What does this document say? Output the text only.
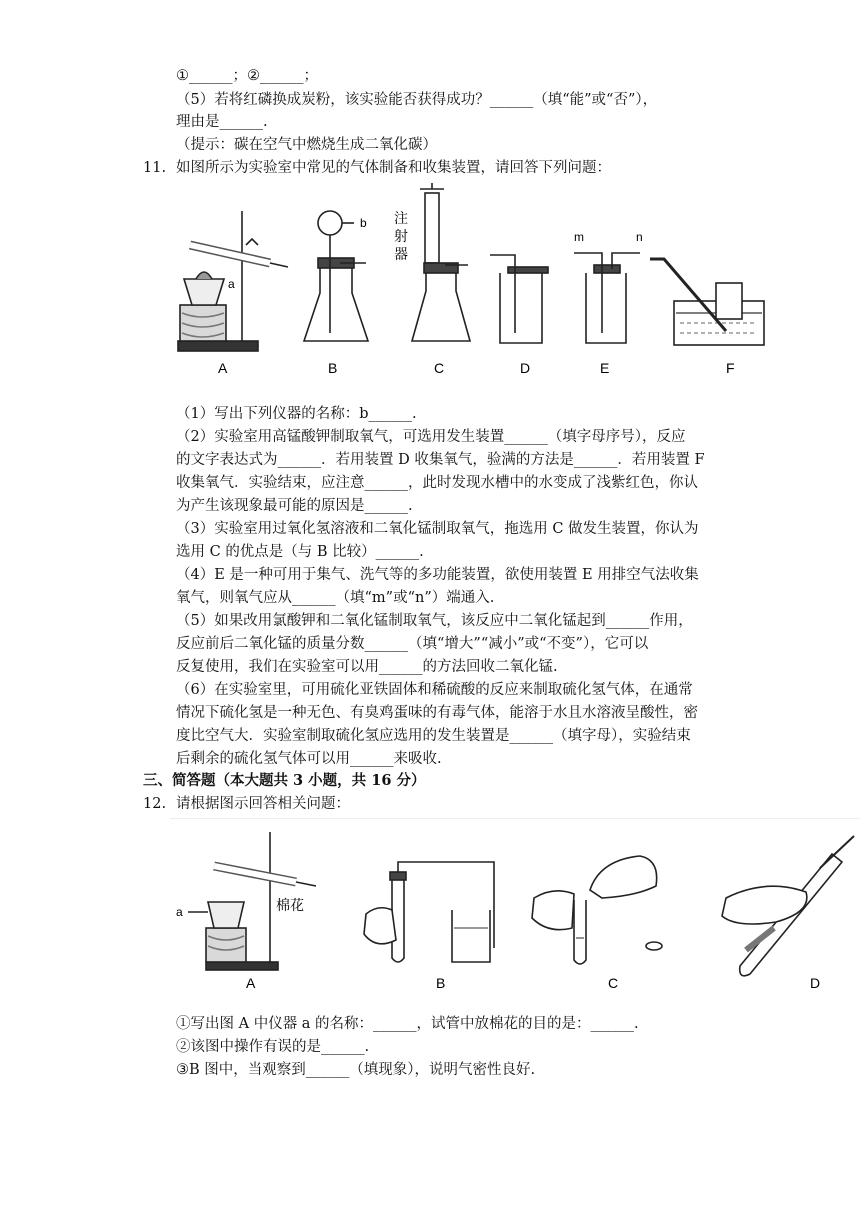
①______；②______；
（5）若将红磷换成炭粉，该实验能否获得成功？______（填“能”或“否”），
理由是______.
（提示：碳在空气中燃烧生成二氧化碳）
11. 如图所示为实验室中常见的气体制备和收集装置，请回答下列问题：
a
b 注
射
器
m	n
A	B	C	D	E	F
（1）写出下列仪器的名称：b______.
（2）实验室用高锰酸钾制取氧气，可选用发生装置______（填字母序号），反应
的文字表达式为______．若用装置 D 收集氧气，验满的方法是______．若用装置 F
收集氧气．实验结束，应注意______，此时发现水槽中的水变成了浅紫红色，你认
为产生该现象最可能的原因是______.
（3）实验室用过氧化氢溶液和二氧化锰制取氧气，拖选用 C 做发生装置，你认为
选用 C 的优点是（与 B 比较）______.
（4）E 是一种可用于集气、洗气等的多功能装置，欲使用装置 E 用排空气法收集
氧气，则氧气应从______（填“m”或“n”）端通入.
（5）如果改用氯酸钾和二氧化锰制取氧气，该反应中二氧化锰起到______作用，
反应前后二氧化锰的质量分数______（填“增大”“减小”或“不变”），它可以
反复使用，我们在实验室可以用______的方法回收二氧化锰.
（6）在实验室里，可用硫化亚铁固体和稀硫酸的反应来制取硫化氢气体，在通常
情况下硫化氢是一种无色、有臭鸡蛋味的有毒气体，能溶于水且水溶液呈酸性，密
度比空气大．实验室制取硫化氢应选用的发生装置是______（填字母），实验结束
后剩余的硫化氢气体可以用______来吸收.
三、简答题（本大题共 3 小题，共 16 分）
12. 请根据图示回答相关问题：
a	棉花
A	B	C	D
①写出图 A 中仪器 a 的名称：______，试管中放棉花的目的是：______.
②该图中操作有误的是______.
③B 图中，当观察到______（填现象），说明气密性良好.
